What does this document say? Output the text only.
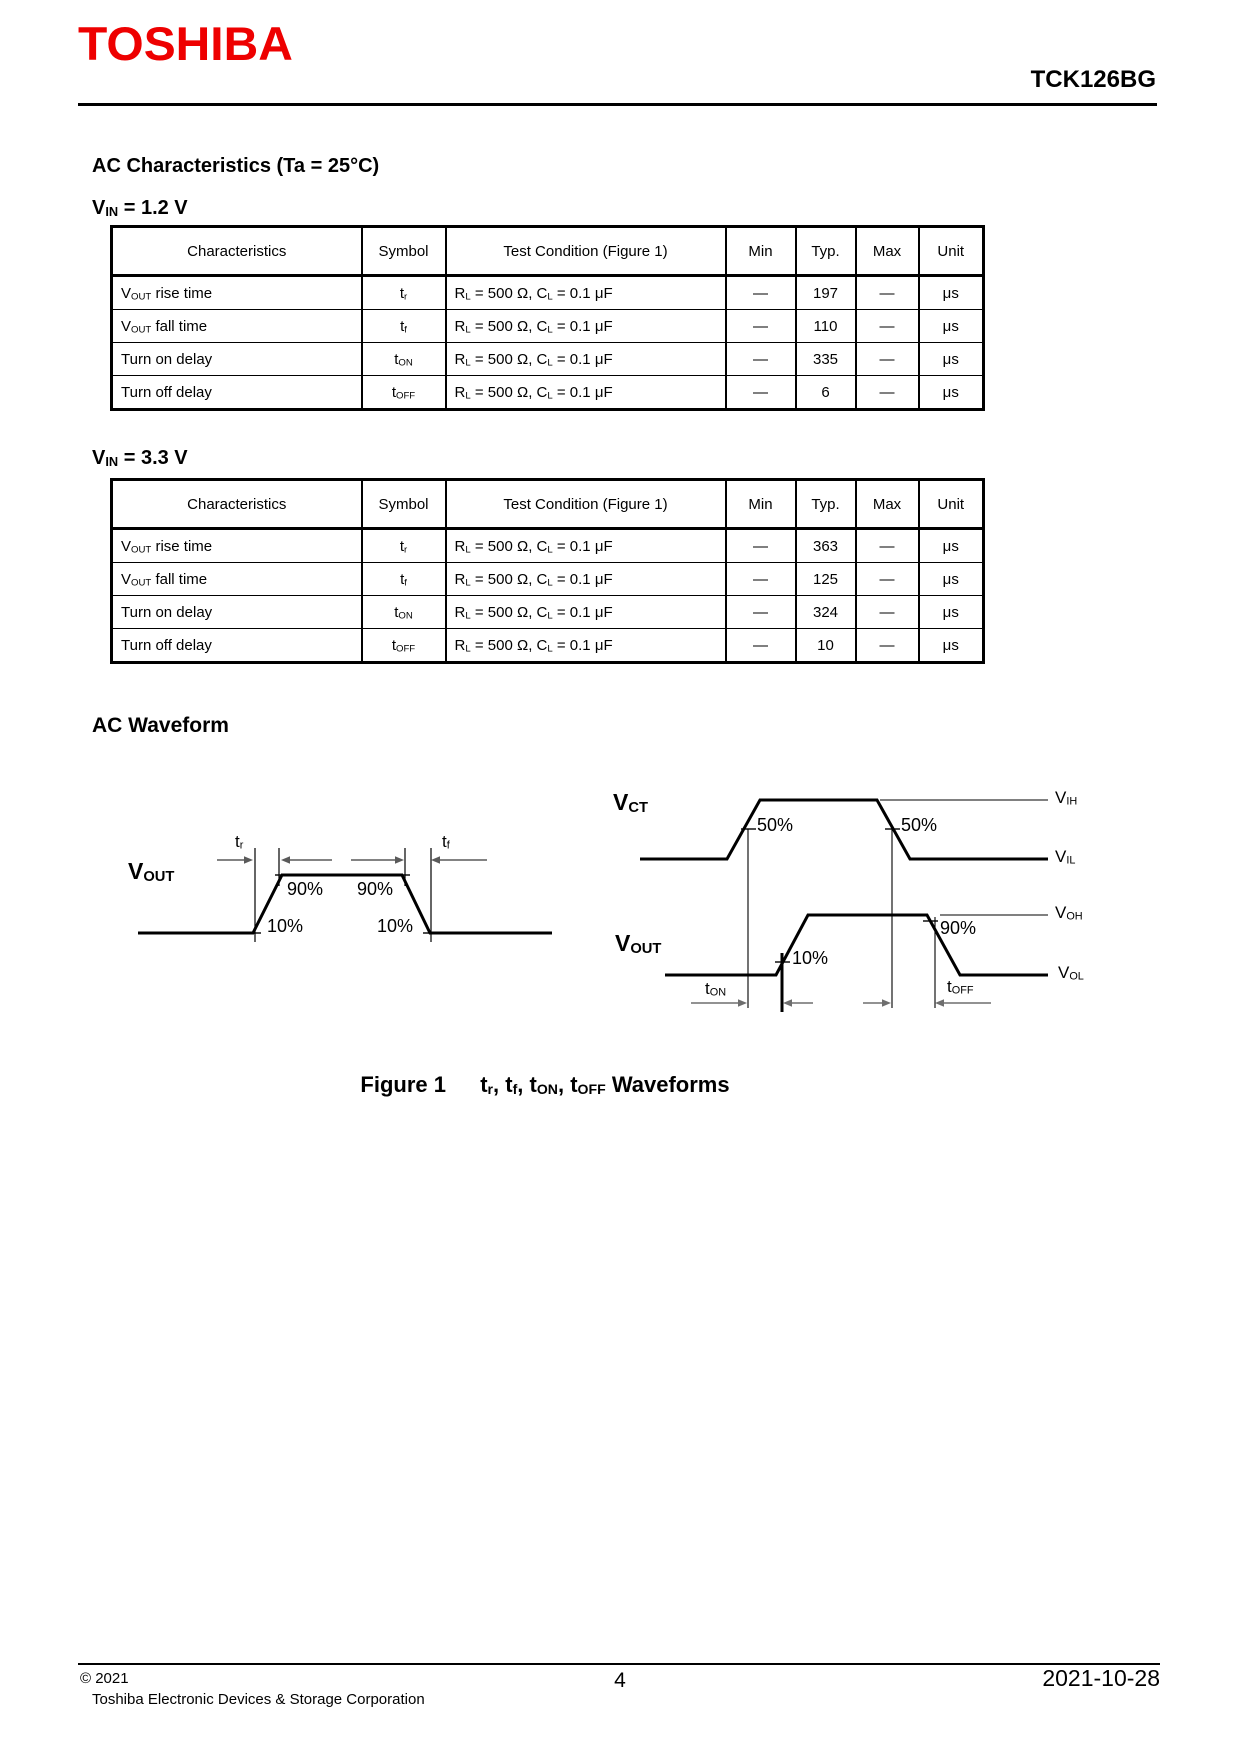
TOSHIBA
TCK126BG
AC Characteristics (Ta = 25°C)
$V_{IN} = 1.2$ V
Characteristics	Symbol	Test Condition (Figure 1)	Min	Typ.	Max	Unit
$V_{OUT}$ rise time	$t_r$	$R_L = 500$ Ω, $C_L = 0.1$ μF	—	197	—	μs
$V_{OUT}$ fall time	$t_f$	$R_L = 500$ Ω, $C_L = 0.1$ μF	—	110	—	μs
Turn on delay	$t_{ON}$	$R_L = 500$ Ω, $C_L = 0.1$ μF	—	335	—	μs
Turn off delay	$t_{OFF}$	$R_L = 500$ Ω, $C_L = 0.1$ μF	—	6	—	μs
$V_{IN} = 3.3$ V
Characteristics	Symbol	Test Condition (Figure 1)	Min	Typ.	Max	Unit
$V_{OUT}$ rise time	$t_r$	$R_L = 500$ Ω, $C_L = 0.1$ μF	—	363	—	μs
$V_{OUT}$ fall time	$t_f$	$R_L = 500$ Ω, $C_L = 0.1$ μF	—	125	—	μs
Turn on delay	$t_{ON}$	$R_L = 500$ Ω, $C_L = 0.1$ μF	—	324	—	μs
Turn off delay	$t_{OFF}$	$R_L = 500$ Ω, $C_L = 0.1$ μF	—	10	—	μs
AC Waveform
$V_{OUT}$
$t_r$	$t_f$
90% 90%
10%	10%
$V_{CT}$
$V_{OUT}$
50%	50%
10%
90%
$t_{ON}$	$t_{OFF}$
$V_{IH}$
$V_{IL}$
$V_{OH}$
$V_{OL}$
Figure 1 $t_r$, $t_f$, $t_{ON}$, $t_{OFF}$ Waveforms
© 2021
Toshiba Electronic Devices & Storage Corporation
4	2021-10-28
